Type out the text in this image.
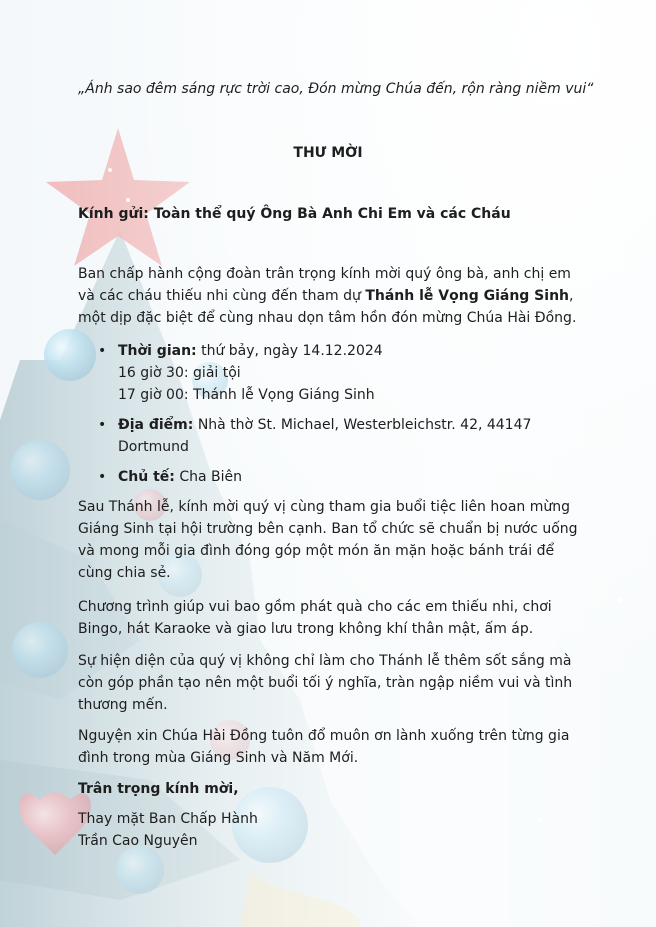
„Ánh sao đêm sáng rực trời cao, Đón mừng Chúa đến, rộn ràng niềm vui“
THƯ MỜI
Kính gửi: Toàn thể quý Ông Bà Anh Chi Em và các Cháu

Ban chấp hành cộng đoàn trân trọng kính mời quý ông bà, anh chị em và các cháu thiếu nhi cùng đến tham dự Thánh lễ Vọng Giáng Sinh, một dịp đặc biệt để cùng nhau dọn tâm hồn đón mừng Chúa Hài Đồng.

• Thời gian: thứ bảy, ngày 14.12.2024
16 giờ 30: giải tội
17 giờ 00: Thánh lễ Vọng Giáng Sinh
• Địa điểm: Nhà thờ St. Michael, Westerbleichstr. 42, 44147
Dortmund
• Chủ tế: Cha Biên

Sau Thánh lễ, kính mời quý vị cùng tham gia buổi tiệc liên hoan mừng Giáng Sinh tại hội trường bên cạnh. Ban tổ chức sẽ chuẩn bị nước uống và mong mỗi gia đình đóng góp một món ăn mặn hoặc bánh trái để cùng chia sẻ.

Chương trình giúp vui bao gồm phát quà cho các em thiếu nhi, chơi Bingo, hát Karaoke và giao lưu trong không khí thân mật, ấm áp.

Sự hiện diện của quý vị không chỉ làm cho Thánh lễ thêm sốt sắng mà còn góp phần tạo nên một buổi tối ý nghĩa, tràn ngập niềm vui và tình thương mến.

Nguyện xin Chúa Hài Đồng tuôn đổ muôn ơn lành xuống trên từng gia đình trong mùa Giáng Sinh và Năm Mới.

Trân trọng kính mời,

Thay mặt Ban Chấp Hành

Trần Cao Nguyên
